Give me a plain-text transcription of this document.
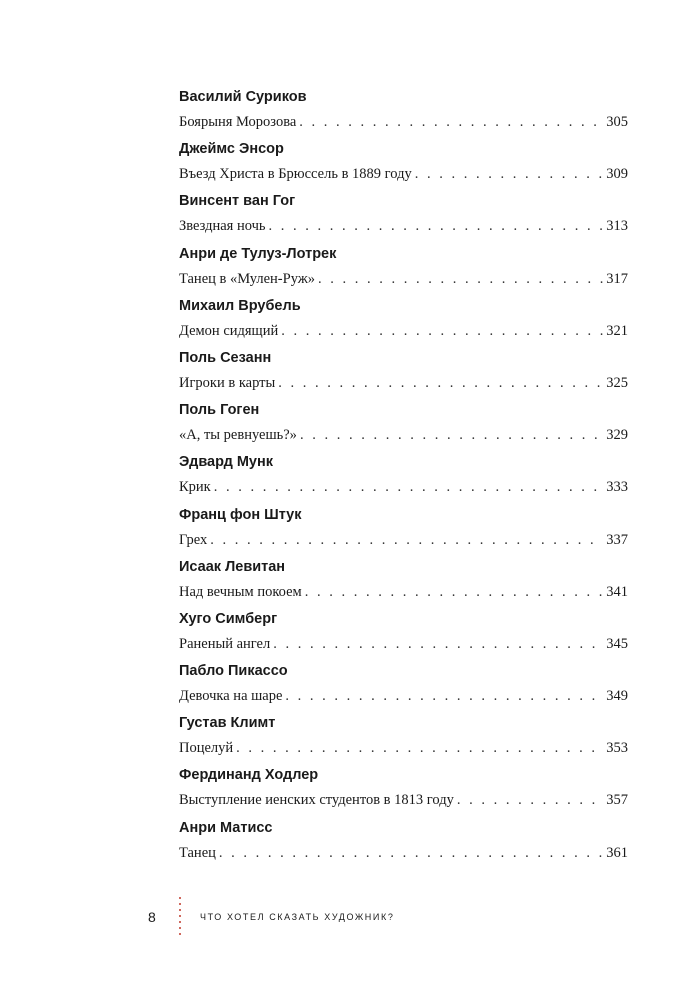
Василий Суриков
Боярыня Морозова . . .	305
Джеймс Энсор
Въезд Христа в Брюссель в 1889 году . . .	309
Винсент ван Гог
Звездная ночь . . .	313
Анри де Тулуз-Лотрек
Танец в «Мулен-Руж» . . .	317
Михаил Врубель
Демон сидящий . . .	321
Поль Сезанн
Игроки в карты . . .	325
Поль Гоген
«А, ты ревнуешь?» . . .	329
Эдвард Мунк
Крик . . .	333
Франц фон Штук
Грех . . .	337
Исаак Левитан
Над вечным покоем . . .	341
Хуго Симберг
Раненый ангел . . .	345
Пабло Пикассо
Девочка на шаре . . .	349
Густав Климт
Поцелуй . . .	353
Фердинанд Ходлер
Выступление иенских студентов в 1813 году . . .	357
Анри Матисс
Танец . . .	361
8	ЧТО ХОТЕЛ СКАЗАТЬ ХУДОЖНИК?
